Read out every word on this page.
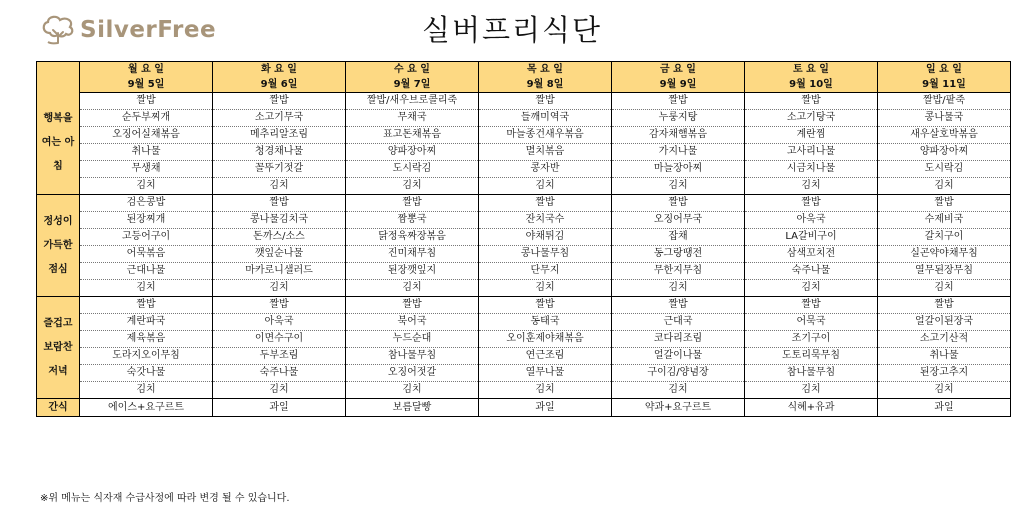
SilverFree	실버프리식단
	월 요 일	화 요 일	수 요 일	목 요 일	금 요 일	토 요 일	일 요 일
	9월 5일	9월 6일	9월 7일	9월 8일	9월 9일	9월 10일	9월 11일
행복을 여는 아침	짤밥	짤밥	짤밥/새우브로콜리죽	짤밥	짤밥	짤밥	짤밥/팥죽
	순두부찌개	소고기무국	무채국	들깨미역국	누룽지탕	소고기탕국	콩나물국
	오징어실채볶음	메추리알조림	표고돈채볶음	마늘종건새우볶음	감자채햄볶음	계란찜	새우살호박볶음
	취나물	청경채나물	양파장아찌	멸치볶음	가지나물	고사리나물	양파장아찌
	무생채	꼴뚜기젓갈	도시락김	콩자반	마늘장아찌	시금치나물	도시락김
	김치	김치	김치	김치	김치	김치	김치
정성이 가득한 점심	검은콩밥	짤밥	짤밥	짤밥	짤밥	짤밥	짤밥
	된장찌개	콩나물김치국	짬뽕국	잔치국수	오징어무국	아욱국	수제비국
	고등어구이	돈까스/소스	닭정육짜장볶음	야채튀김	잡채	LA갈비구이	갈치구이
	어묵볶음	깻잎순나물	진미채무침	콩나물무침	동그랑땡전	삼색꼬치전	실곤약야채무침
	근대나물	마카로니샐러드	된장깻잎지	단무지	무한지무침	숙주나물	열무된장무침
	김치	김치	김치	김치	김치	김치	김치
즐겁고 보람찬 저녁	짤밥	짤밥	짤밥	짤밥	짤밥	짤밥	짤밥
	계란파국	아욱국	북어국	동태국	근대국	어묵국	얼갈이된장국
	제육볶음	이면수구이	누드순대	오이훈제야채볶음	코다리조림	조기구이	소고기산적
	도라지오이무침	두부조림	참나물무침	연근조림	얼갈이나물	도토리묵무침	취나물
	숙갓나물	숙주나물	오징어젓갈	열무나물	구이김/양념장	참나물무침	된장고추지
	김치	김치	김치	김치	김치	김치	김치
간식	에이스+요구르트	과일	보름달빵	과일	약과+요구르트	식혜+유과	과일
※위 메뉴는 식자재 수급사정에 따라 변경 될 수 있습니다.
